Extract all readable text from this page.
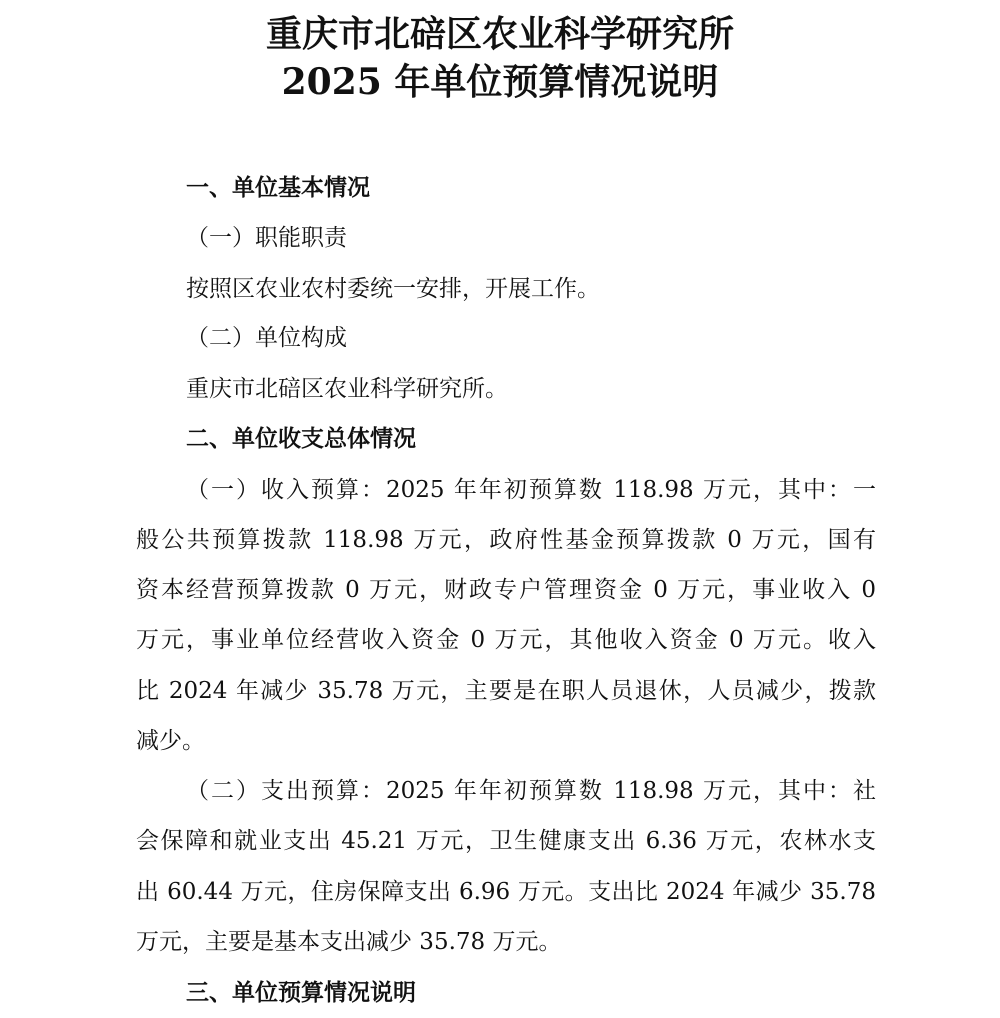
重庆市北碚区农业科学研究所
2025 年单位预算情况说明
一、单位基本情况
（一）职能职责
按照区农业农村委统一安排，开展工作。
（二）单位构成
重庆市北碚区农业科学研究所。
二、单位收支总体情况
（一）收入预算：2025 年年初预算数 118.98 万元，其中：一
般公共预算拨款 118.98 万元，政府性基金预算拨款 0 万元，国有
资本经营预算拨款 0 万元，财政专户管理资金 0 万元，事业收入 0
万元，事业单位经营收入资金 0 万元，其他收入资金 0 万元。收入
比 2024 年减少 35.78 万元，主要是在职人员退休，人员减少，拨款
减少。
（二）支出预算：2025 年年初预算数 118.98 万元，其中：社
会保障和就业支出 45.21 万元，卫生健康支出 6.36 万元，农林水支
出 60.44 万元，住房保障支出 6.96 万元。支出比 2024 年减少 35.78
万元，主要是基本支出减少 35.78 万元。
三、单位预算情况说明
